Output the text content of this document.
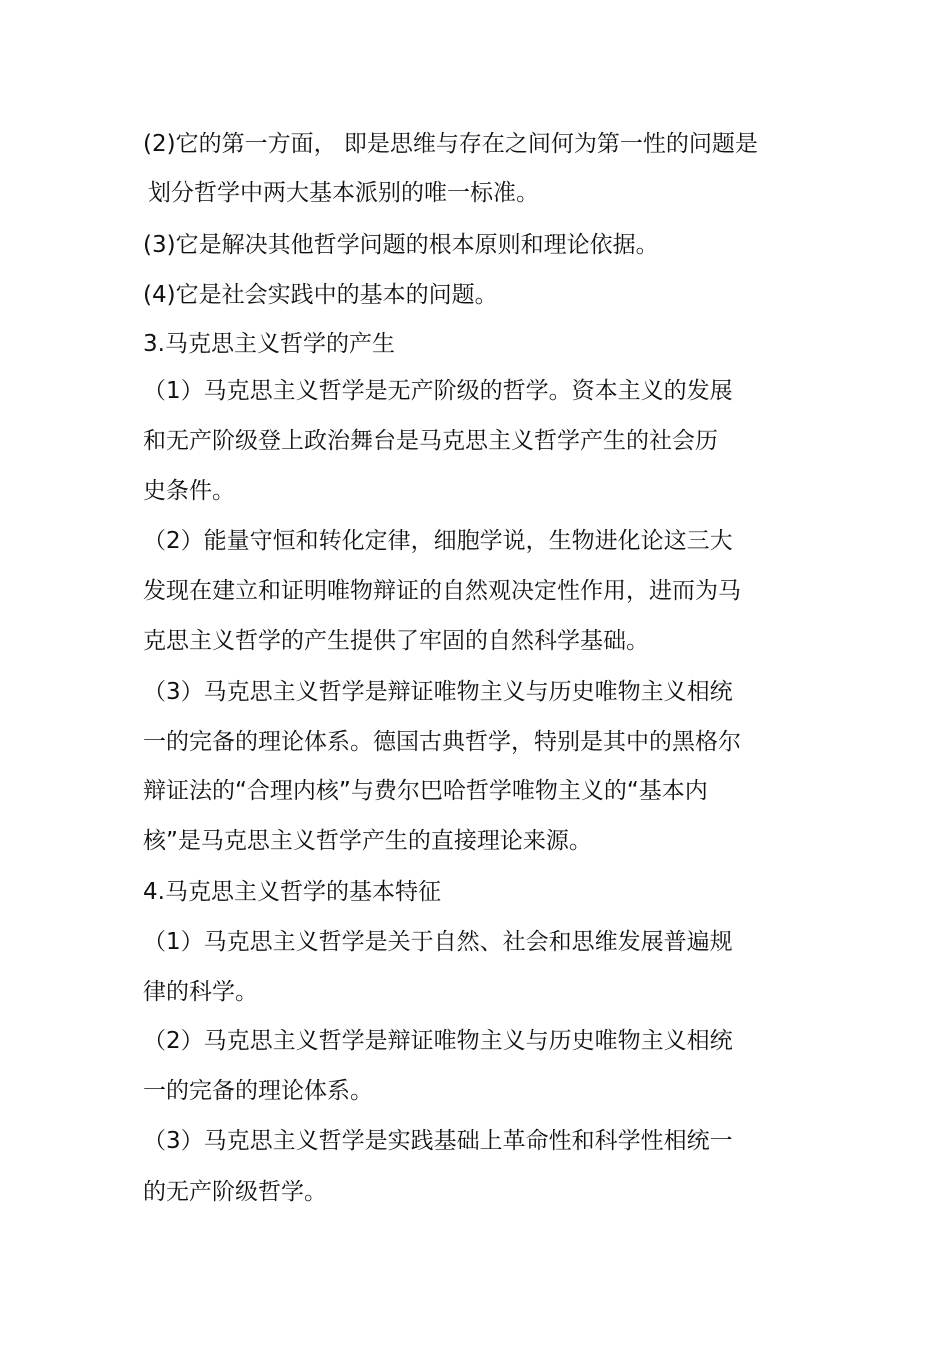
(2)它的第一方面， 即是思维与存在之间何为第一性的问题是
划分哲学中两大基本派别的唯一标准。
(3)它是解决其他哲学问题的根本原则和理论依据。
(4)它是社会实践中的基本的问题。
3.马克思主义哲学的产生
（1）马克思主义哲学是无产阶级的哲学。资本主义的发展
和无产阶级登上政治舞台是马克思主义哲学产生的社会历
史条件。
（2）能量守恒和转化定律，细胞学说，生物进化论这三大
发现在建立和证明唯物辩证的自然观决定性作用，进而为马
克思主义哲学的产生提供了牢固的自然科学基础。
（3）马克思主义哲学是辩证唯物主义与历史唯物主义相统
一的完备的理论体系。德国古典哲学，特别是其中的黑格尔
辩证法的“合理内核”与费尔巴哈哲学唯物主义的“基本内
核”是马克思主义哲学产生的直接理论来源。
4.马克思主义哲学的基本特征
（1）马克思主义哲学是关于自然、社会和思维发展普遍规
律的科学。
（2）马克思主义哲学是辩证唯物主义与历史唯物主义相统
一的完备的理论体系。
（3）马克思主义哲学是实践基础上革命性和科学性相统一
的无产阶级哲学。
